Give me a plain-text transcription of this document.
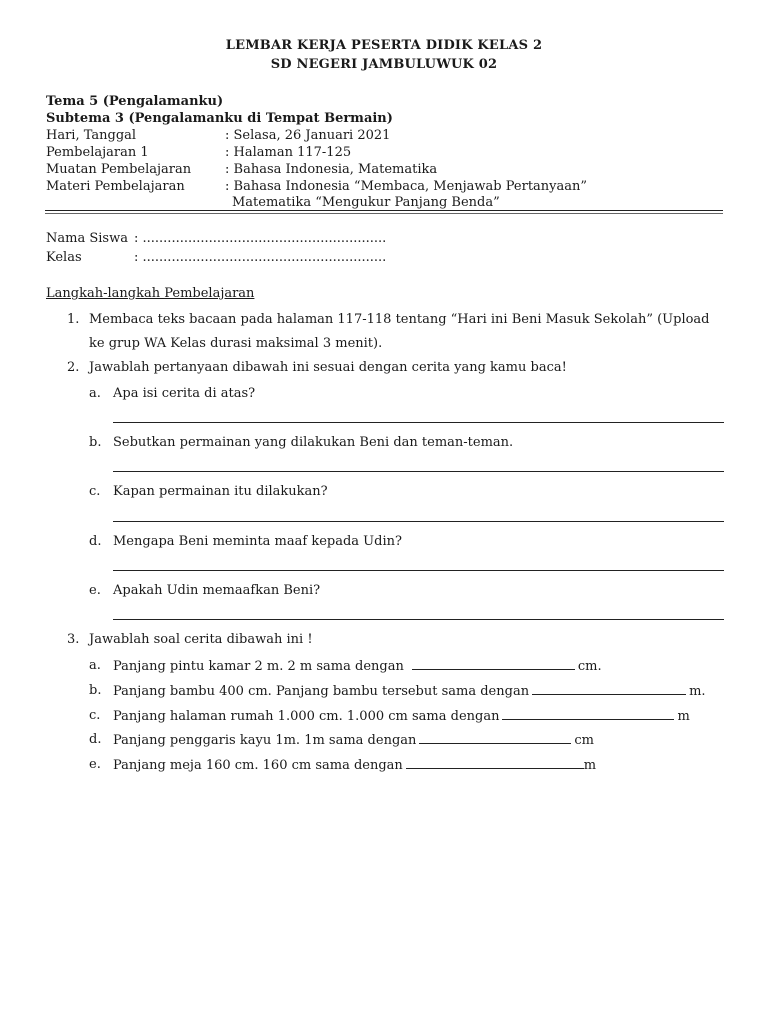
LEMBAR KERJA PESERTA DIDIK KELAS 2
SD NEGERI JAMBULUWUK 02
Tema 5 (Pengalamanku)
Subtema 3 (Pengalamanku di Tempat Bermain)
Hari, Tanggal	: Selasa, 26 Januari 2021
Pembelajaran 1	: Halaman 117-125
Muatan Pembelajaran	: Bahasa Indonesia, Matematika
Materi Pembelajaran	: Bahasa Indonesia “Membaca, Menjawab Pertanyaan”
Matematika “Mengukur Panjang Benda”
Nama Siswa : ...........................................................
Kelas	: ...........................................................
Langkah-langkah Pembelajaran
1. Membaca teks bacaan pada halaman 117-118 tentang “Hari ini Beni Masuk Sekolah” (Upload
ke grup WA Kelas durasi maksimal 3 menit).
2. Jawablah pertanyaan dibawah ini sesuai dengan cerita yang kamu baca!
a. Apa isi cerita di atas?
b. Sebutkan permainan yang dilakukan Beni dan teman-teman.
c. Kapan permainan itu dilakukan?
d. Mengapa Beni meminta maaf kepada Udin?
e. Apakah Udin memaafkan Beni?
3. Jawablah soal cerita dibawah ini !
a. Panjang pintu kamar 2 m. 2 m sama dengan	cm.
b. Panjang bambu 400 cm. Panjang bambu tersebut sama dengan	m.
c. Panjang halaman rumah 1.000 cm. 1.000 cm sama dengan	m
d. Panjang penggaris kayu 1m. 1m sama dengan	cm
e. Panjang meja 160 cm. 160 cm sama dengan	m
